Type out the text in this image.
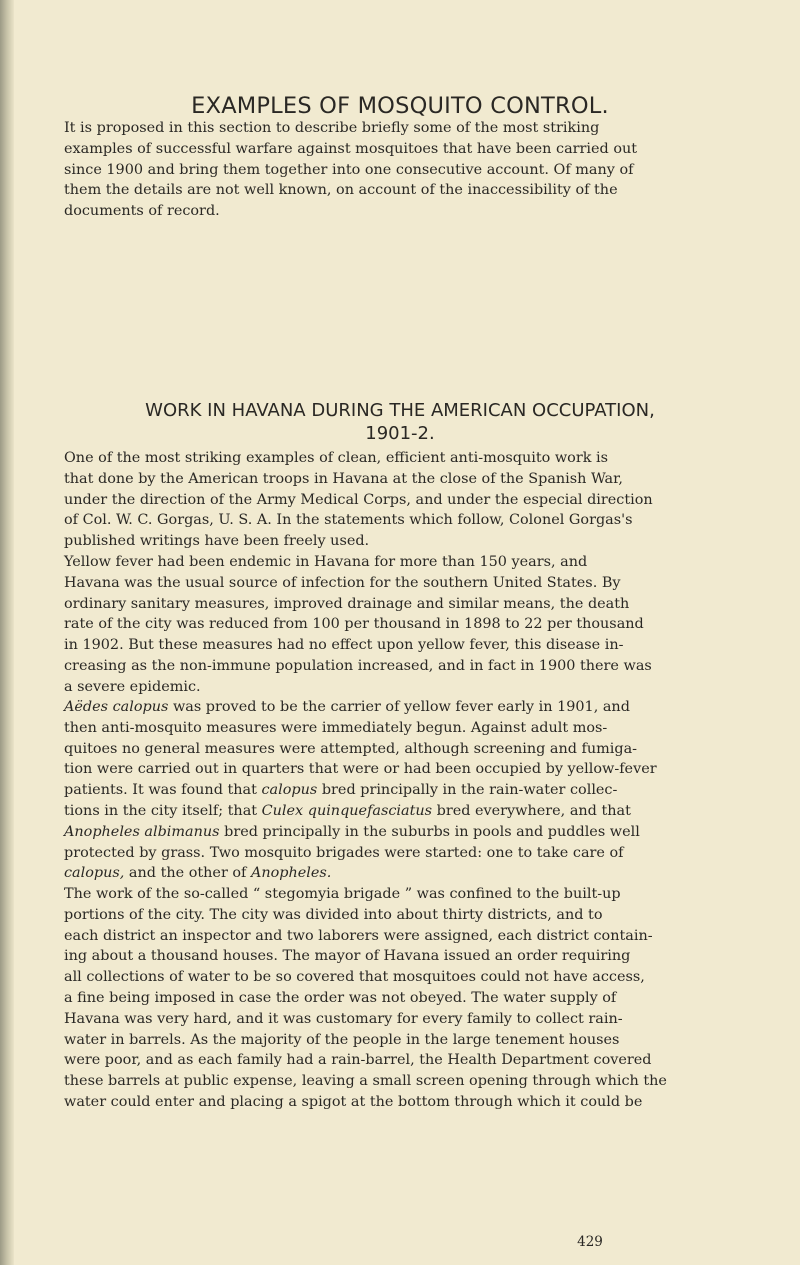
EXAMPLES OF MOSQUITO CONTROL.

It is proposed in this section to describe briefly some of the most striking
examples of successful warfare against mosquitoes that have been carried out
since 1900 and bring them together into one consecutive account. Of many of
them the details are not well known, on account of the inaccessibility of the
documents of record.

WORK IN HAVANA DURING THE AMERICAN OCCUPATION,
1901-2.

One of the most striking examples of clean, efficient anti-mosquito work is
that done by the American troops in Havana at the close of the Spanish War,
under the direction of the Army Medical Corps, and under the especial direction
of Col. W. C. Gorgas, U. S. A. In the statements which follow, Colonel Gorgas's
published writings have been freely used.

Yellow fever had been endemic in Havana for more than 150 years, and
Havana was the usual source of infection for the southern United States. By
ordinary sanitary measures, improved drainage and similar means, the death
rate of the city was reduced from 100 per thousand in 1898 to 22 per thousand
in 1902. But these measures had no effect upon yellow fever, this disease in-
creasing as the non-immune population increased, and in fact in 1900 there was
a severe epidemic.

Aëdes calopus was proved to be the carrier of yellow fever early in 1901, and
then anti-mosquito measures were immediately begun. Against adult mos-
quitoes no general measures were attempted, although screening and fumiga-
tion were carried out in quarters that were or had been occupied by yellow-fever
patients. It was found that calopus bred principally in the rain-water collec-
tions in the city itself; that Culex quinquefasciatus bred everywhere, and that
Anopheles albimanus bred principally in the suburbs in pools and puddles well
protected by grass. Two mosquito brigades were started: one to take care of
calopus, and the other of Anopheles.

The work of the so-called “ stegomyia brigade ” was confined to the built-up
portions of the city. The city was divided into about thirty districts, and to
each district an inspector and two laborers were assigned, each district contain-
ing about a thousand houses. The mayor of Havana issued an order requiring
all collections of water to be so covered that mosquitoes could not have access,
a fine being imposed in case the order was not obeyed. The water supply of
Havana was very hard, and it was customary for every family to collect rain-
water in barrels. As the majority of the people in the large tenement houses
were poor, and as each family had a rain-barrel, the Health Department covered
these barrels at public expense, leaving a small screen opening through which the
water could enter and placing a spigot at the bottom through which it could be

429
